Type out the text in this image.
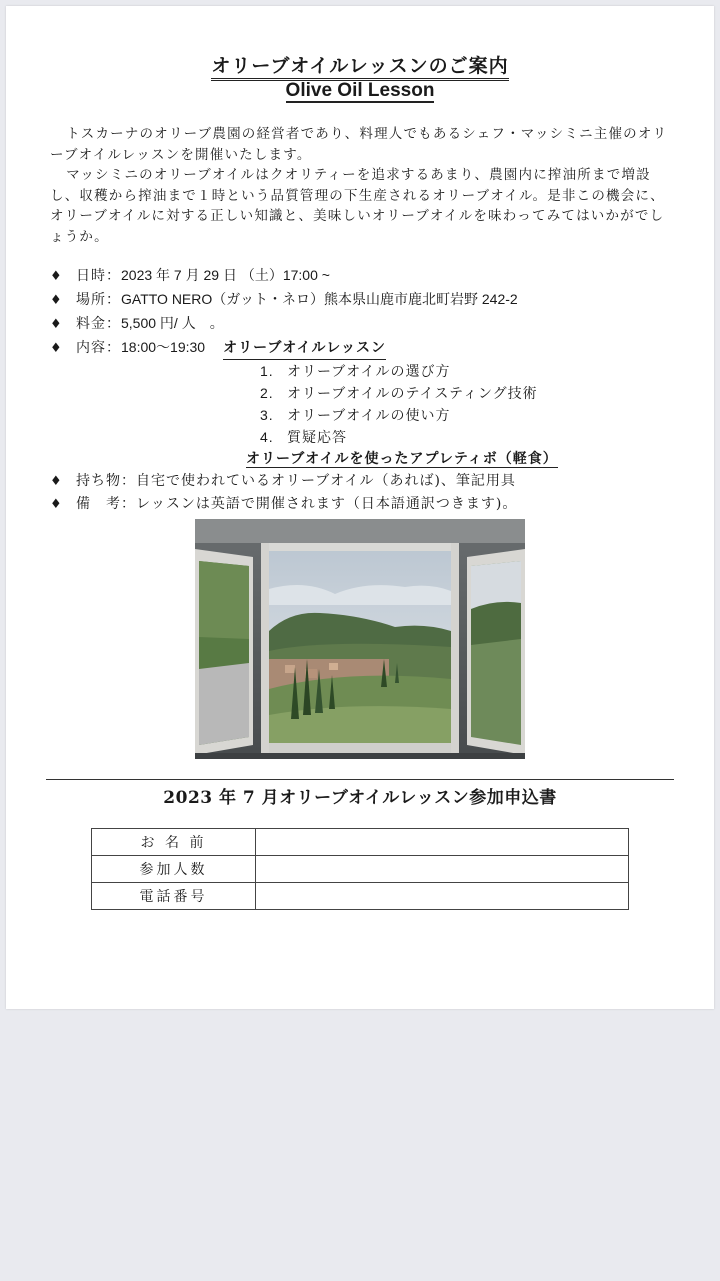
オリーブオイルレッスンのご案内
Olive Oil Lesson

トスカーナのオリーブ農園の経営者であり、料理人でもあるシェフ・マッシミニ主催のオリーブオイルレッスンを開催いたします。

マッシミニのオリーブオイルはクオリティーを追求するあまり、農園内に搾油所まで増設し、収穫から搾油まで１時という品質管理の下生産されるオリーブオイル。是非この機会に、オリーブオイルに対する正しい知識と、美味しいオリーブオイルを味わってみてはいかがでしょうか。

♦	日時： 2023 年 7 月 29 日 （土）17:00 ~
♦	場所： GATTO NERO（ガット・ネロ）熊本県山鹿市鹿北町岩野 242-2
♦	料金： 5,500 円/ 人　。
♦	内容： 18:00～19:30 オリーブオイルレッスン
1. オリーブオイルの選び方
2. オリーブオイルのテイスティング技術
3. オリーブオイルの使い方
4. 質疑応答
オリーブオイルを使ったアプレティボ（軽食）
♦	持ち物： 自宅で使われているオリーブオイル（あれば)、筆記用具
♦	備　考： レッスンは英語で開催されます（日本語通訳つきます)。
2023 年 7 月オリーブオイルレッスン参加申込書
お 名 前	
参加人数	
電話番号	
